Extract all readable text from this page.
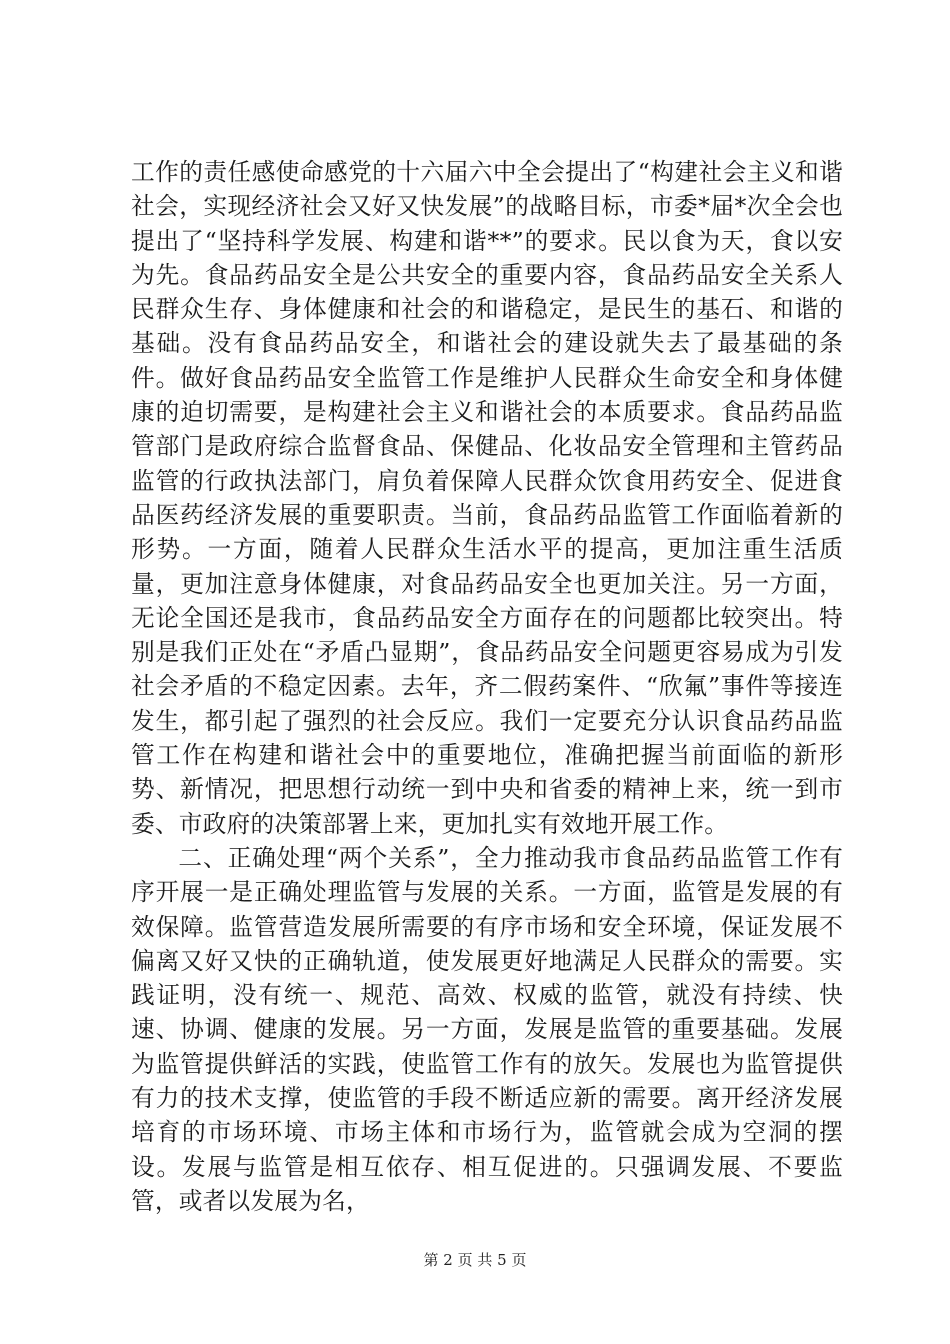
工作的责任感使命感党的十六届六中全会提出了“构建社会主义和谐社会，实现经济社会又好又快发展”的战略目标，市委*届*次全会也提出了“坚持科学发展、构建和谐**”的要求。民以食为天，食以安为先。食品药品安全是公共安全的重要内容，食品药品安全关系人民群众生存、身体健康和社会的和谐稳定，是民生的基石、和谐的基础。没有食品药品安全，和谐社会的建设就失去了最基础的条件。做好食品药品安全监管工作是维护人民群众生命安全和身体健康的迫切需要，是构建社会主义和谐社会的本质要求。食品药品监管部门是政府综合监督食品、保健品、化妆品安全管理和主管药品监管的行政执法部门，肩负着保障人民群众饮食用药安全、促进食品医药经济发展的重要职责。当前，食品药品监管工作面临着新的形势。一方面，随着人民群众生活水平的提高，更加注重生活质量，更加注意身体健康，对食品药品安全也更加关注。另一方面，无论全国还是我市，食品药品安全方面存在的问题都比较突出。特别是我们正处在“矛盾凸显期”，食品药品安全问题更容易成为引发社会矛盾的不稳定因素。去年，齐二假药案件、“欣氟”事件等接连发生，都引起了强烈的社会反应。我们一定要充分认识食品药品监管工作在构建和谐社会中的重要地位，准确把握当前面临的新形势、新情况，把思想行动统一到中央和省委的精神上来，统一到市委、市政府的决策部署上来，更加扎实有效地开展工作。

二、正确处理“两个关系”，全力推动我市食品药品监管工作有序开展一是正确处理监管与发展的关系。一方面，监管是发展的有效保障。监管营造发展所需要的有序市场和安全环境，保证发展不偏离又好又快的正确轨道，使发展更好地满足人民群众的需要。实践证明，没有统一、规范、高效、权威的监管，就没有持续、快速、协调、健康的发展。另一方面，发展是监管的重要基础。发展为监管提供鲜活的实践，使监管工作有的放矢。发展也为监管提供有力的技术支撑，使监管的手段不断适应新的需要。离开经济发展培育的市场环境、市场主体和市场行为，监管就会成为空洞的摆设。发展与监管是相互依存、相互促进的。只强调发展、不要监管，或者以发展为名，

第 2 页 共 5 页
